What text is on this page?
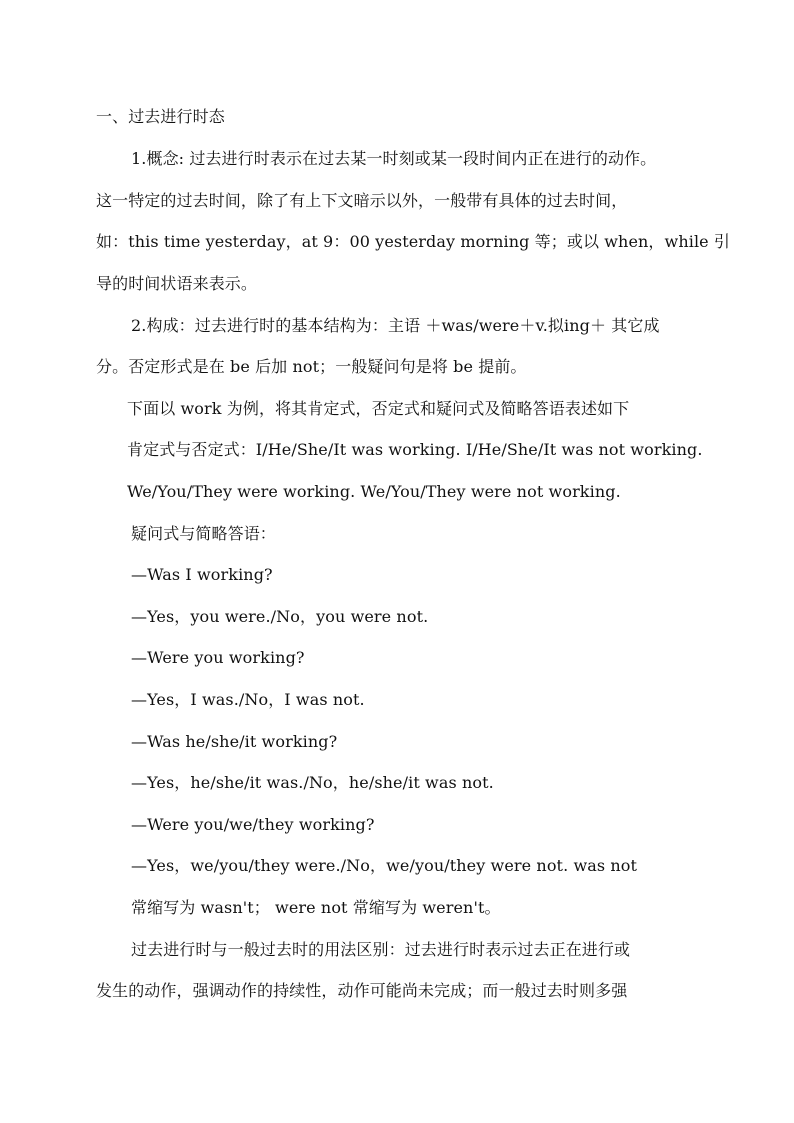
一、过去进行时态
1.概念: 过去进行时表示在过去某一时刻或某一段时间内正在进行的动作。
这一特定的过去时间，除了有上下文暗示以外，一般带有具体的过去时间，
如：this time yesterday，at 9：00 yesterday morning 等；或以 when，while 引
导的时间状语来表示。
2.构成：过去进行时的基本结构为：主语 ＋was/were＋v.拟ing＋ 其它成
分。否定形式是在 be 后加 not；一般疑问句是将 be 提前。
下面以 work 为例，将其肯定式，否定式和疑问式及简略答语表述如下
肯定式与否定式：I/He/She/It was working. I/He/She/It was not working.
We/You/They were working. We/You/They were not working.
疑问式与简略答语：
—Was I working?
—Yes，you were./No，you were not.
—Were you working?
—Yes，I was./No，I was not.
—Was he/she/it working?
—Yes，he/she/it was./No，he/she/it was not.
—Were you/we/they working?
—Yes，we/you/they were./No，we/you/they were not. was not
常缩写为 wasn't； were not 常缩写为 weren't。
过去进行时与一般过去时的用法区别：过去进行时表示过去正在进行或
发生的动作，强调动作的持续性，动作可能尚未完成；而一般过去时则多强
